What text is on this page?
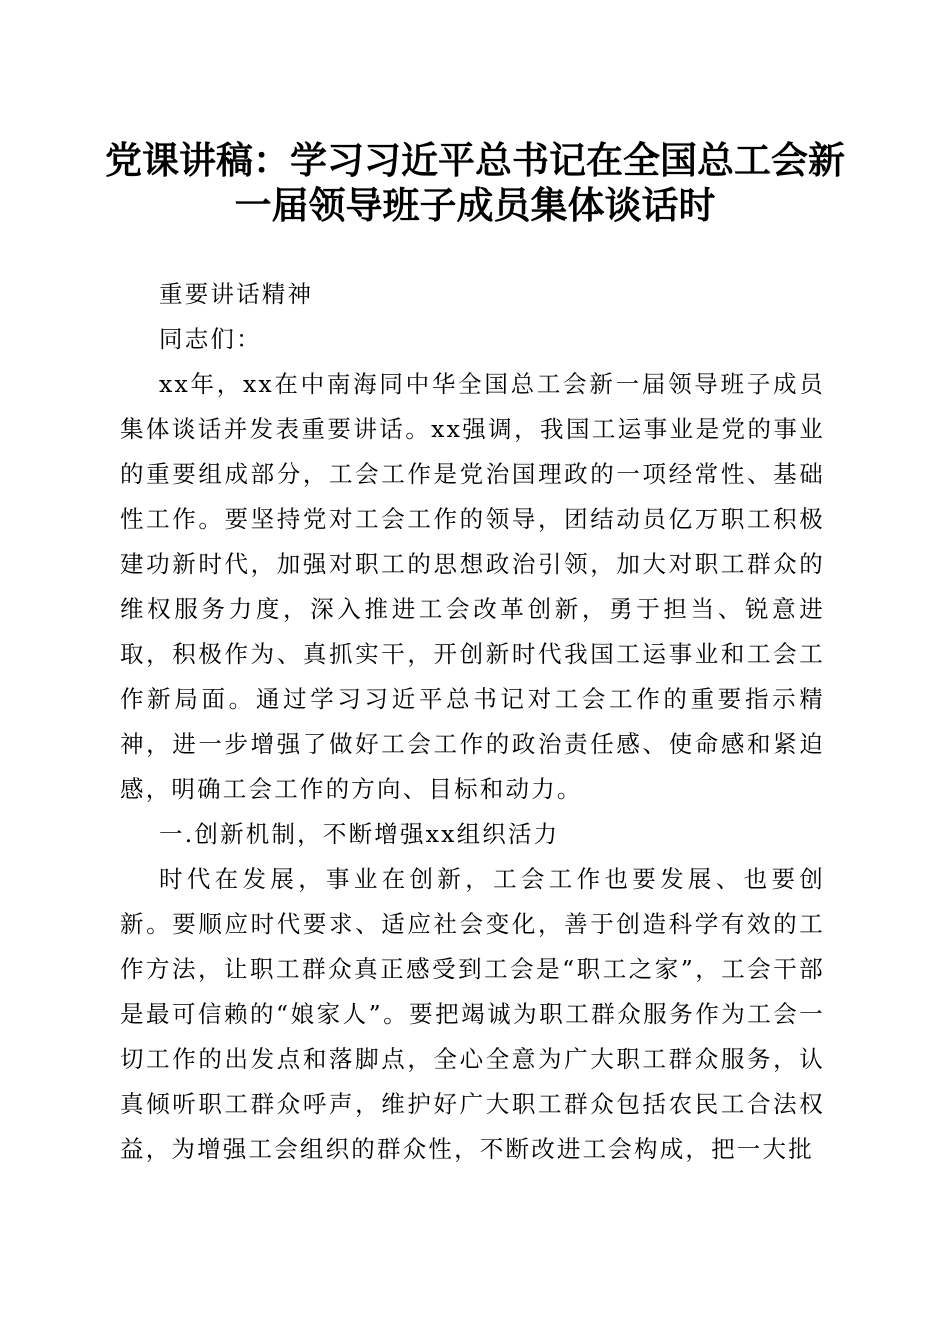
党课讲稿：学习习近平总书记在全国总工会新
一届领导班子成员集体谈话时

重要讲话精神

同志们：

xx年，xx在中南海同中华全国总工会新一届领导班子成员集体谈话并发表重要讲话。xx强调，我国工运事业是党的事业的重要组成部分，工会工作是党治国理政的一项经常性、基础性工作。要坚持党对工会工作的领导，团结动员亿万职工积极建功新时代，加强对职工的思想政治引领，加大对职工群众的维权服务力度，深入推进工会改革创新，勇于担当、锐意进取，积极作为、真抓实干，开创新时代我国工运事业和工会工作新局面。通过学习习近平总书记对工会工作的重要指示精神，进一步增强了做好工会工作的政治责任感、使命感和紧迫感，明确工会工作的方向、目标和动力。

一.创新机制，不断增强xx组织活力

时代在发展，事业在创新，工会工作也要发展、也要创新。要顺应时代要求、适应社会变化，善于创造科学有效的工作方法，让职工群众真正感受到工会是“职工之家”，工会干部是最可信赖的“娘家人”。要把竭诚为职工群众服务作为工会一切工作的出发点和落脚点，全心全意为广大职工群众服务，认真倾听职工群众呼声，维护好广大职工群众包括农民工合法权益，为增强工会组织的群众性，不断改进工会构成，把一大批
